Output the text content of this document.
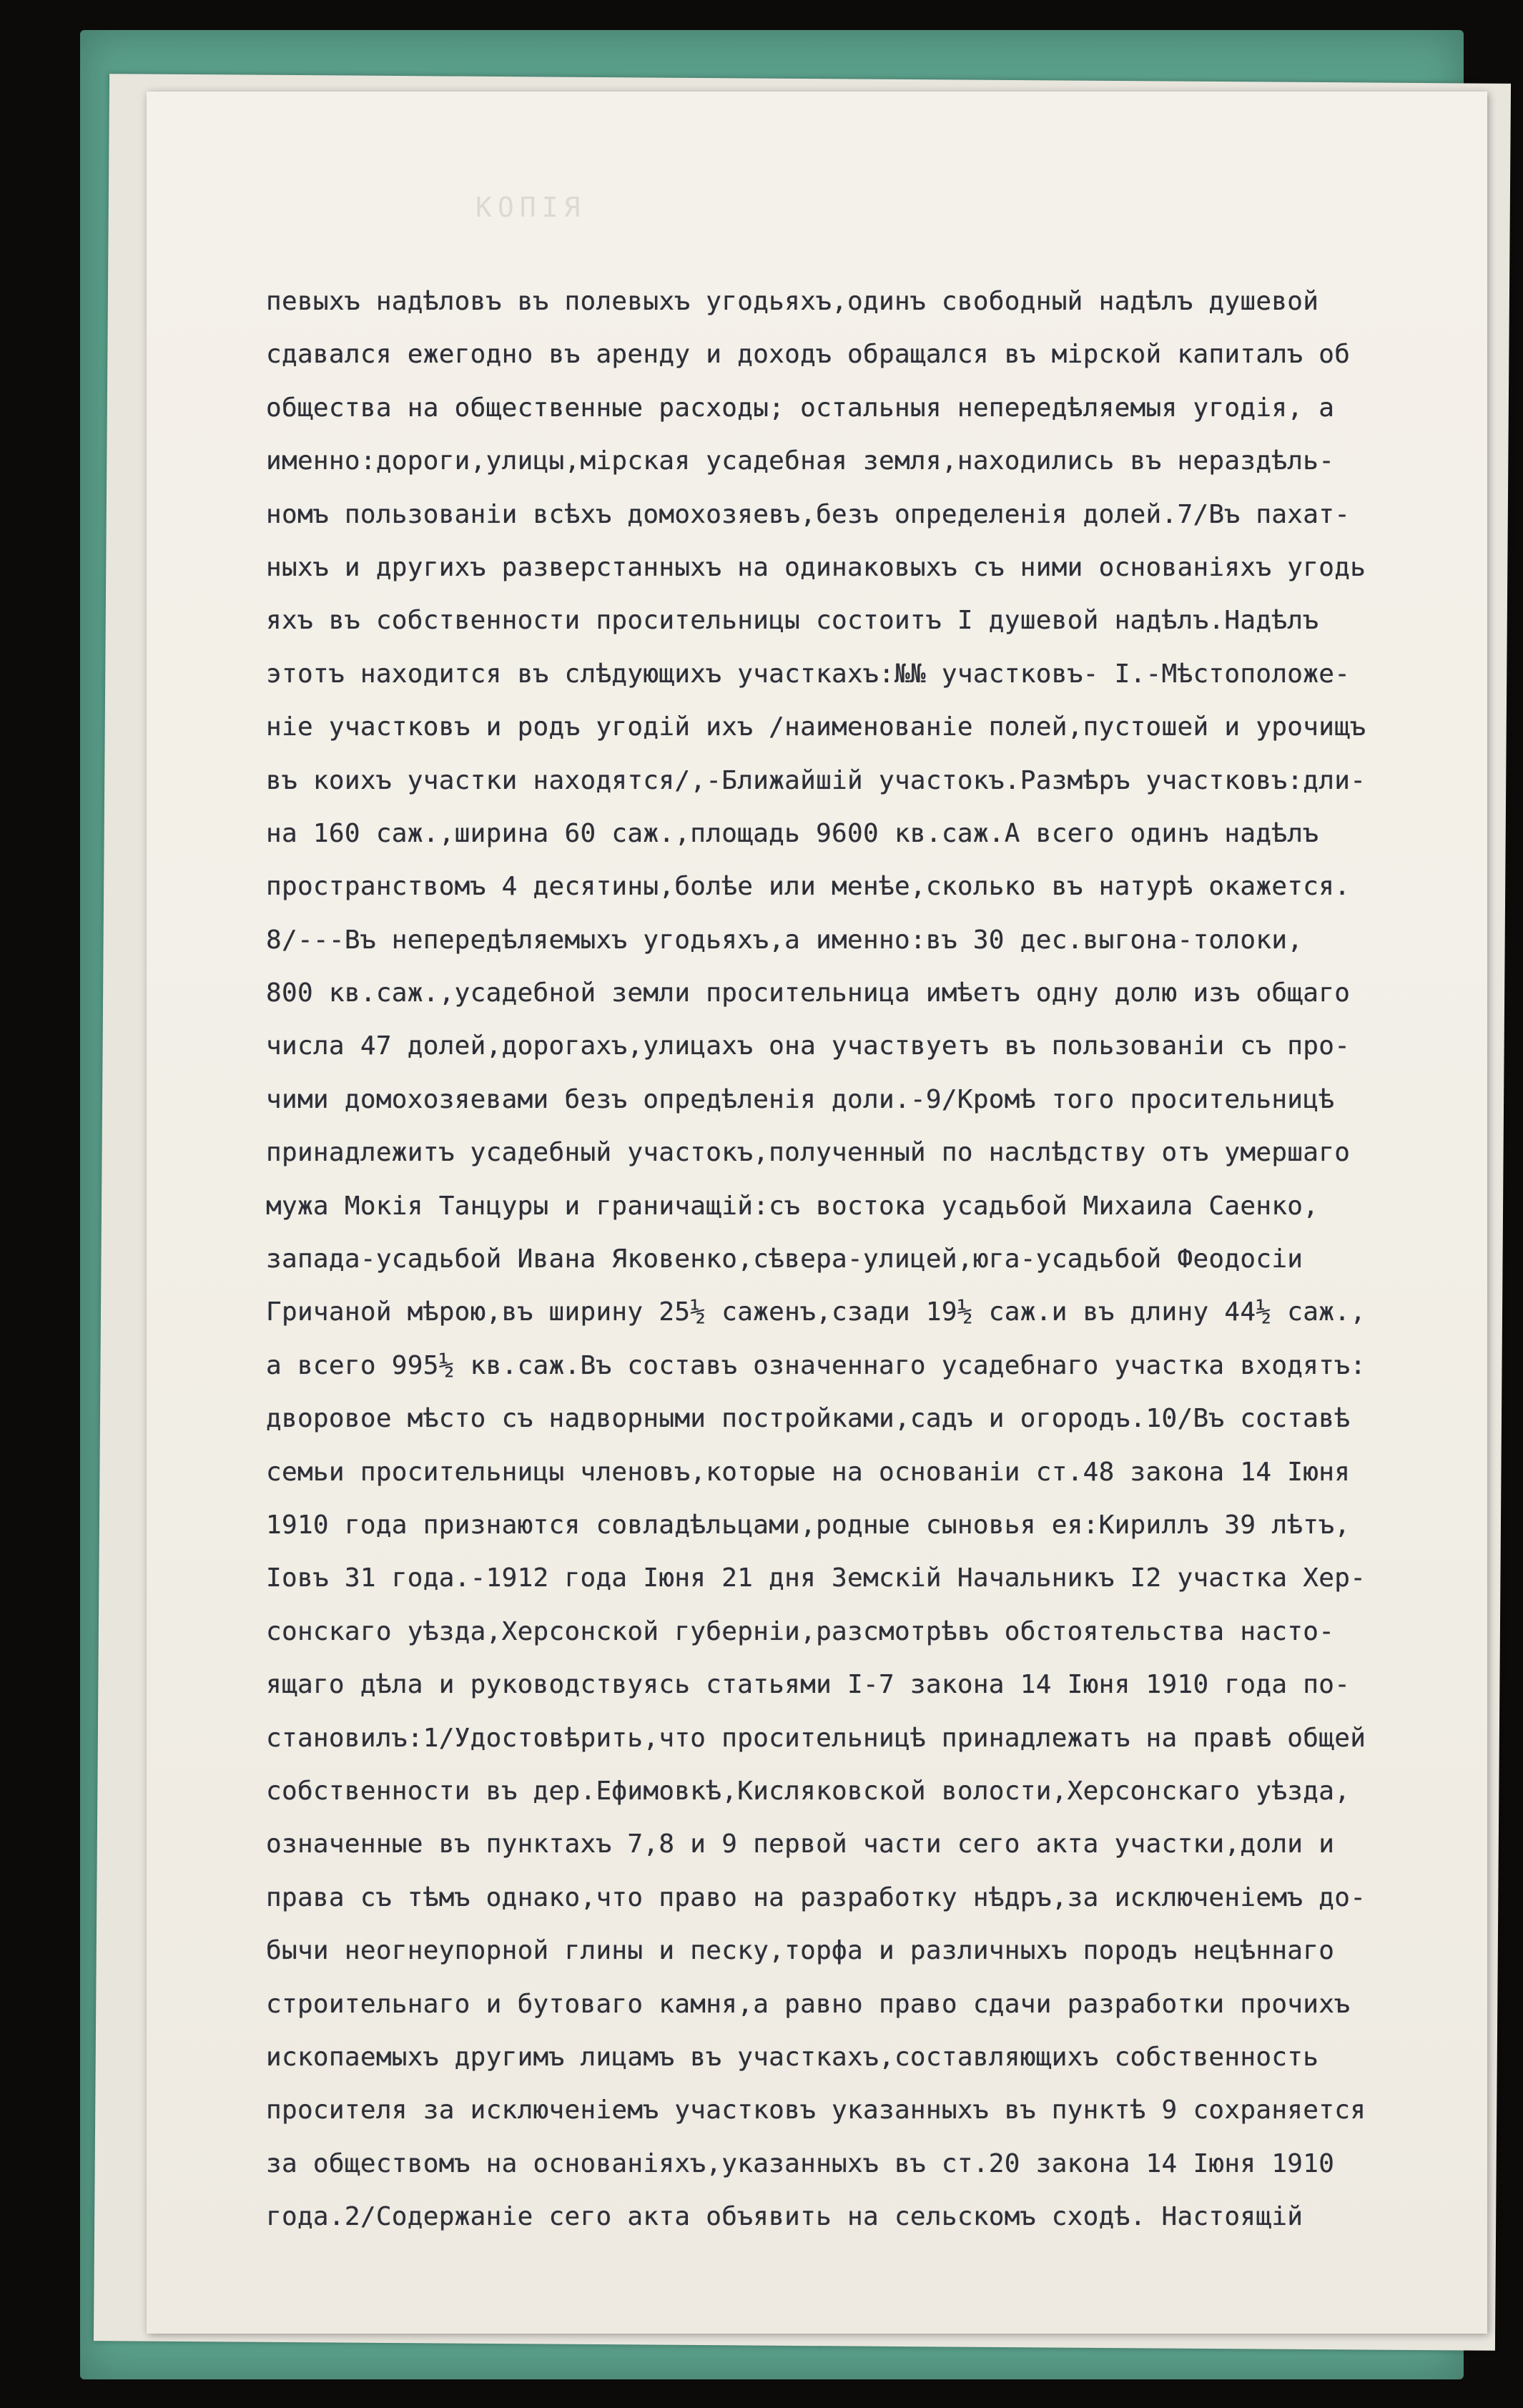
КОПІЯ
певыхъ надѣловъ въ полевыхъ угодьяхъ,одинъ свободный надѣлъ душевой
сдавался ежегодно въ аренду и доходъ обращался въ мірской капиталъ об
общества на общественные расходы; остальныя непередѣляемыя угодія, а
именно:дороги,улицы,мірская усадебная земля,находились въ нераздѣль-
номъ пользованіи всѣхъ домохозяевъ,безъ определенія долей.7/Въ пахат-
ныхъ и другихъ разверстанныхъ на одинаковыхъ съ ними основаніяхъ угодь
яхъ въ собственности просительницы состоитъ I душевой надѣлъ.Надѣлъ
этотъ находится въ слѣдующихъ участкахъ:№№ участковъ- I.-Мѣстоположе-
ніе участковъ и родъ угодій ихъ /наименованіе полей,пустошей и урочищъ
въ коихъ участки находятся/,-Ближайшій участокъ.Размѣръ участковъ:дли-
на 160 саж.,ширина 60 саж.,площадь 9600 кв.саж.А всего одинъ надѣлъ
пространствомъ 4 десятины,болѣе или менѣе,сколько въ натурѣ окажется.
8/---Въ непередѣляемыхъ угодьяхъ,а именно:въ 30 дес.выгона-толоки,
800 кв.саж.,усадебной земли просительница имѣетъ одну долю изъ общаго
числа 47 долей,дорогахъ,улицахъ она участвуетъ въ пользованіи съ про-
чими домохозяевами безъ опредѣленія доли.-9/Кромѣ того просительницѣ
принадлежитъ усадебный участокъ,полученный по наслѣдству отъ умершаго
мужа Мокія Танцуры и граничащій:съ востока усадьбой Михаила Саенко,
запада-усадьбой Ивана Яковенко,сѣвера-улицей,юга-усадьбой Феодосіи
Гричаной мѣрою,въ ширину 25½ саженъ,сзади 19½ саж.и въ длину 44½ саж.,
а всего 995½ кв.саж.Въ составъ означеннаго усадебнаго участка входятъ:
дворовое мѣсто съ надворными постройками,садъ и огородъ.10/Въ составѣ
семьи просительницы членовъ,которые на основаніи ст.48 закона 14 Іюня
1910 года признаются совладѣльцами,родные сыновья ея:Кириллъ 39 лѣтъ,
Іовъ 31 года.-1912 года Іюня 21 дня Земскій Начальникъ I2 участка Хер-
сонскаго уѣзда,Херсонской губерніи,разсмотрѣвъ обстоятельства насто-
ящаго дѣла и руководствуясь статьями I-7 закона 14 Іюня 1910 года по-
становилъ:1/Удостовѣрить,что просительницѣ принадлежатъ на правѣ общей
собственности въ дер.Ефимовкѣ,Кисляковской волости,Херсонскаго уѣзда,
означенные въ пунктахъ 7,8 и 9 первой части сего акта участки,доли и
права съ тѣмъ однако,что право на разработку нѣдръ,за исключеніемъ до-
бычи неогнеупорной глины и песку,торфа и различныхъ породъ нецѣннаго
строительнаго и бутоваго камня,а равно право сдачи разработки прочихъ
ископаемыхъ другимъ лицамъ въ участкахъ,составляющихъ собственность
просителя за исключеніемъ участковъ указанныхъ въ пунктѣ 9 сохраняется
за обществомъ на основаніяхъ,указанныхъ въ ст.20 закона 14 Іюня 1910
года.2/Содержаніе сего акта объявить на сельскомъ сходѣ. Настоящій
